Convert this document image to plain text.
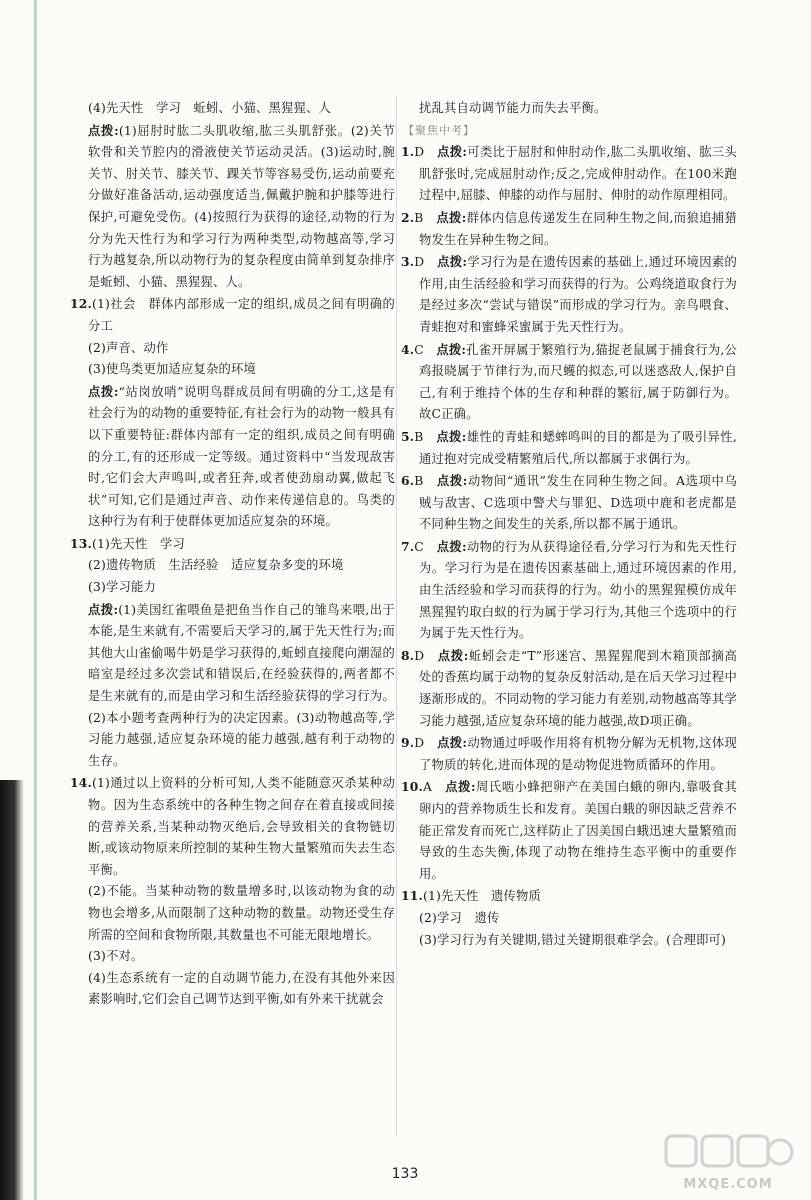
(4)先天性　学习　蚯蚓、小猫、黑猩猩、人

点拨:(1)屈肘时肱二头肌收缩,肱三头肌舒张。(2)关节软骨和关节腔内的滑液使关节运动灵活。(3)运动时,腕关节、肘关节、膝关节、踝关节等容易受伤,运动前要充分做好准备活动,运动强度适当,佩戴护腕和护膝等进行保护,可避免受伤。(4)按照行为获得的途径,动物的行为分为先天性行为和学习行为两种类型,动物越高等,学习行为越复杂,所以动物行为的复杂程度由简单到复杂排序是蚯蚓、小猫、黑猩猩、人。

12.(1)社会　群体内部形成一定的组织,成员之间有明确的分工

(2)声音、动作

(3)使鸟类更加适应复杂的环境

点拨:“站岗放哨”说明鸟群成员间有明确的分工,这是有社会行为的动物的重要特征,有社会行为的动物一般具有以下重要特征:群体内部有一定的组织,成员之间有明确的分工,有的还形成一定等级。通过资料中“当发现敌害时,它们会大声鸣叫,或者狂奔,或者使劲扇动翼,做起飞状”可知,它们是通过声音、动作来传递信息的。鸟类的这种行为有利于使群体更加适应复杂的环境。

13.(1)先天性　学习

(2)遗传物质　生活经验　适应复杂多变的环境

(3)学习能力

点拨:(1)美国红雀喂鱼是把鱼当作自己的雏鸟来喂,出于本能,是生来就有,不需要后天学习的,属于先天性行为;而其他大山雀偷喝牛奶是学习获得的,蚯蚓直接爬向潮湿的暗室是经过多次尝试和错误后,在经验获得的,两者都不是生来就有的,而是由学习和生活经验获得的学习行为。(2)本小题考查两种行为的决定因素。(3)动物越高等,学习能力越强,适应复杂环境的能力越强,越有利于动物的生存。

14.(1)通过以上资料的分析可知,人类不能随意灭杀某种动物。因为生态系统中的各种生物之间存在着直接或间接的营养关系,当某种动物灭绝后,会导致相关的食物链切断,或该动物原来所控制的某种生物大量繁殖而失去生态平衡。

(2)不能。当某种动物的数量增多时,以该动物为食的动物也会增多,从而限制了这种动物的数量。动物还受生存所需的空间和食物所限,其数量也不可能无限地增长。

(3)不对。

(4)生态系统有一定的自动调节能力,在没有其他外来因素影响时,它们会自己调节达到平衡,如有外来干扰就会

扰乱其自动调节能力而失去平衡。

【聚焦中考】

1.D　 点拨:可类比于屈肘和伸肘动作,肱二头肌收缩、肱三头肌舒张时,完成屈肘动作;反之,完成伸肘动作。在100米跑过程中,屈膝、伸膝的动作与屈肘、伸肘的动作原理相同。

2.B　 点拨:群体内信息传递发生在同种生物之间,而狼追捕猎物发生在异种生物之间。

3.D　 点拨:学习行为是在遗传因素的基础上,通过环境因素的作用,由生活经验和学习而获得的行为。公鸡绕道取食行为是经过多次“尝试与错误”而形成的学习行为。亲鸟喂食、青蛙抱对和蜜蜂采蜜属于先天性行为。

4.C　 点拨:孔雀开屏属于繁殖行为,猫捉老鼠属于捕食行为,公鸡报晓属于节律行为,而尺蠖的拟态,可以迷惑敌人,保护自己,有利于维持个体的生存和种群的繁衍,属于防御行为。故C正确。

5.B　 点拨:雄性的青蛙和蟋蟀鸣叫的目的都是为了吸引异性,通过抱对完成受精繁殖后代,所以都属于求偶行为。

6.B　 点拨:动物间“通讯”发生在同种生物之间。A选项中乌贼与敌害、C选项中警犬与罪犯、D选项中鹿和老虎都是不同种生物之间发生的关系,所以都不属于通讯。

7.C　 点拨:动物的行为从获得途径看,分学习行为和先天性行为。学习行为是在遗传因素基础上,通过环境因素的作用,由生活经验和学习而获得的行为。幼小的黑猩猩模仿成年黑猩猩钓取白蚁的行为属于学习行为,其他三个选项中的行为属于先天性行为。

8.D　 点拨:蚯蚓会走“T”形迷宫、黑猩猩爬到木箱顶部摘高处的香蕉均属于动物的复杂反射活动,是在后天学习过程中逐渐形成的。不同动物的学习能力有差别,动物越高等其学习能力越强,适应复杂环境的能力越强,故D项正确。

9.D　 点拨:动物通过呼吸作用将有机物分解为无机物,这体现了物质的转化,进而体现的是动物促进物质循环的作用。

10.A　 点拨:周氏啮小蜂把卵产在美国白蛾的卵内,靠吸食其卵内的营养物质生长和发育。美国白蛾的卵因缺乏营养不能正常发育而死亡,这样防止了因美国白蛾迅速大量繁殖而导致的生态失衡,体现了动物在维持生态平衡中的重要作用。

11.(1)先天性　遗传物质

(2)学习　遗传

(3)学习行为有关键期,错过关键期很难学会。(合理即可)

133
MXQE.COM
